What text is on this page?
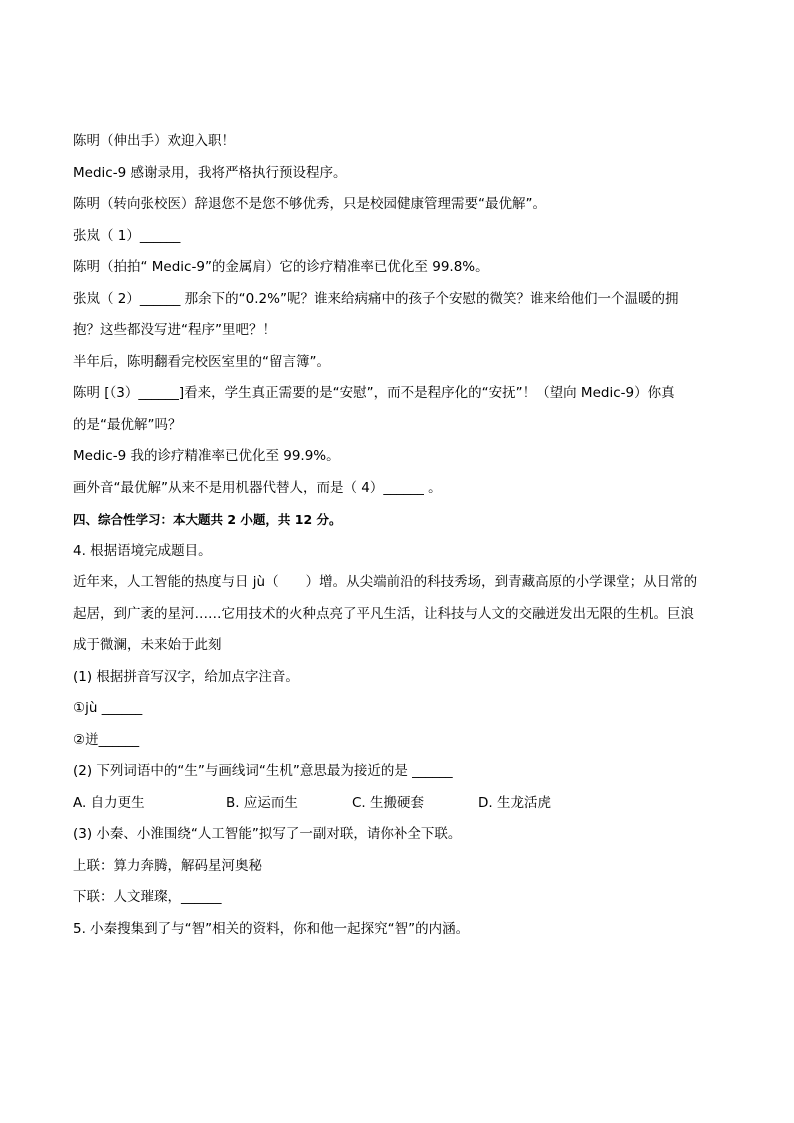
陈明（伸出手）欢迎入职！

Medic-9 感谢录用，我将严格执行预设程序。

陈明（转向张校医）辞退您不是您不够优秀，只是校园健康管理需要“最优解”。

张岚（ 1）______

陈明（拍拍“ Medic-9”的金属肩）它的诊疗精准率已优化至 99.8%。

张岚（ 2）______ 那余下的“0.2%”呢？谁来给病痛中的孩子个安慰的微笑？谁来给他们一个温暖的拥

抱？这些都没写进“程序”里吧？！

半年后，陈明翻看完校医室里的“留言簿”。

陈明 [（3）______]看来，学生真正需要的是“安慰”，而不是程序化的“安抚”！（望向 Medic-9）你真

的是“最优解”吗？

Medic-9 我的诊疗精准率已优化至 99.9%。

画外音“最优解”从来不是用机器代替人，而是（ 4）______ 。

四、综合性学习：本大题共 2 小题，共 12 分。

4. 根据语境完成题目。

近年来，人工智能的热度与日 jù（　　）增。从尖端前沿的科技秀场，到青藏高原的小学课堂；从日常的

起居，到广袤的星河……它用技术的火种点亮了平凡生活，让科技与人文的交融迸发出无限的生机。巨浪

成于微澜，未来始于此刻

(1) 根据拼音写汉字，给加点字注音。

①jù ______

②迸______

(2) 下列词语中的“生”与画线词“生机”意思最为接近的是 ______

A. 自力更生	B. 应运而生	C. 生搬硬套	D. 生龙活虎

(3) 小秦、小淮围绕“人工智能”拟写了一副对联，请你补全下联。

上联：算力奔腾，解码星河奥秘

下联：人文璀璨，______

5. 小秦搜集到了与“智”相关的资料，你和他一起探究“智”的内涵。
